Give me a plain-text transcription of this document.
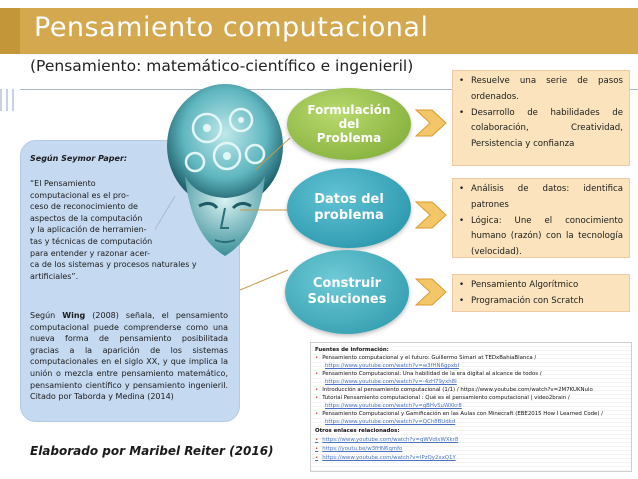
Pensamiento computacional
(Pensamiento: matemático-científico e ingenieril)
Según Seymor Paper:
“El Pensamiento
computacional es el pro-
ceso de reconocimiento de
aspectos de la computación
y la aplicación de herramien-
tas y técnicas de computación
para entender y razonar acer-
ca de los sistemas y procesos naturales y
artificiales”.
Según Wing (2008) señala, el pensamiento computacional puede comprenderse como una nueva forma de pensamiento posibilitada gracias a la aparición de los sistemas computacionales en el siglo XX, y que implica la unión o mezcla entre pensamiento matemático, pensamiento científico y pensamiento ingenieril. Citado por Taborda y Medina (2014)
Formulación
del
Problema
Datos del
problema
Construir
Soluciones
• Resuelve una serie de pasos ordenados.
• Desarrollo de habilidades de colaboración, Creatividad, Persistencia y confianza
• Análisis de datos: identifica patrones
• Lógica: Une el conocimiento humano (razón) con la tecnología (velocidad).
• Pensamiento Algorítmico
• Programación con Scratch
Fuentes de información:
• Pensamiento computacional y el futuro: Guillermo Simari at TEDxBahiaBlanca /
https://www.youtube.com/watch?v=w3fHN6gpxbI
• Pensamiento Computacional: Una habilidad de la era digital al alcance de todos /
https://www.youtube.com/watch?v=-4zH79yxh8I
• Introducción al pensamiento computacional (1/1) / https://www.youtube.com/watch?v=2M7KUKNulo
• Tutorial Pensamiento computacional : Qué es el pensamiento computacional | video2brain /
https://www.youtube.com/watch?v=qBHv5uWXkr8
• Pensamiento Computacional y Gamificación en las Aulas con Minecraft (EBE2015 How I Learned Code) /
https://www.youtube.com/watch?v=QCh8BUdkd
Otros enlaces relacionados:
• https://www.youtube.com/watch?v=qWVdlxWXkr8
• https://youtu.be/w3fHN6qmfo
• https://www.youtube.com/watch?v=lPzQy2xxQ1Y
Elaborado por Maribel Reiter (2016)
